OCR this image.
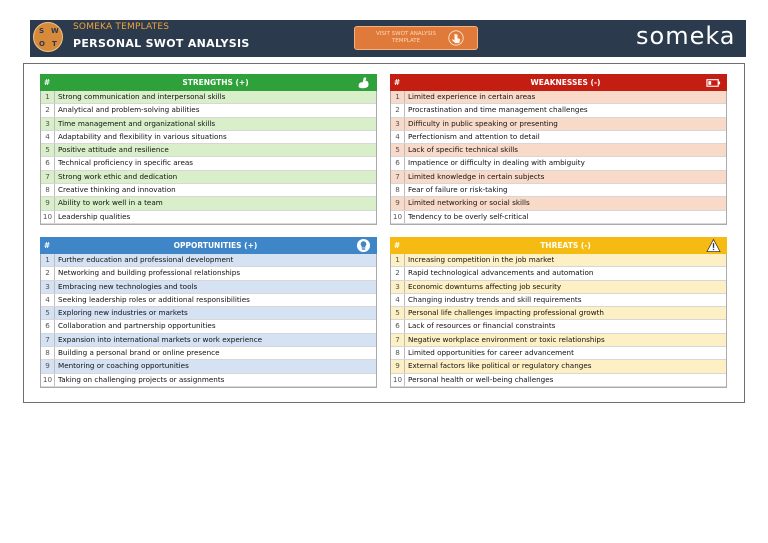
S W
O T
SOMEKA TEMPLATES
PERSONAL SWOT ANALYSIS
VISIT SWOT ANALYSIS TEMPLATE	someka
#	STRENGTHS (+)
1	Strong communication and interpersonal skills
2	Analytical and problem-solving abilities
3	Time management and organizational skills
4	Adaptability and flexibility in various situations
5	Positive attitude and resilience
6	Technical proficiency in specific areas
7	Strong work ethic and dedication
8	Creative thinking and innovation
9	Ability to work well in a team
10 Leadership qualities
#	WEAKNESSES (-)
1	Limited experience in certain areas
2	Procrastination and time management challenges
3	Difficulty in public speaking or presenting
4	Perfectionism and attention to detail
5	Lack of specific technical skills
6	Impatience or difficulty in dealing with ambiguity
7	Limited knowledge in certain subjects
8	Fear of failure or risk-taking
9	Limited networking or social skills
10 Tendency to be overly self-critical
#	OPPORTUNITIES (+)
1	Further education and professional development
2	Networking and building professional relationships
3	Embracing new technologies and tools
4	Seeking leadership roles or additional responsibilities
5	Exploring new industries or markets
6	Collaboration and partnership opportunities
7	Expansion into international markets or work experience
8	Building a personal brand or online presence
9	Mentoring or coaching opportunities
10 Taking on challenging projects or assignments
#	THREATS (-)
1	Increasing competition in the job market
2	Rapid technological advancements and automation
3	Economic downturns affecting job security
4	Changing industry trends and skill requirements
5	Personal life challenges impacting professional growth
6	Lack of resources or financial constraints
7	Negative workplace environment or toxic relationships
8	Limited opportunities for career advancement
9	External factors like political or regulatory changes
10 Personal health or well-being challenges
